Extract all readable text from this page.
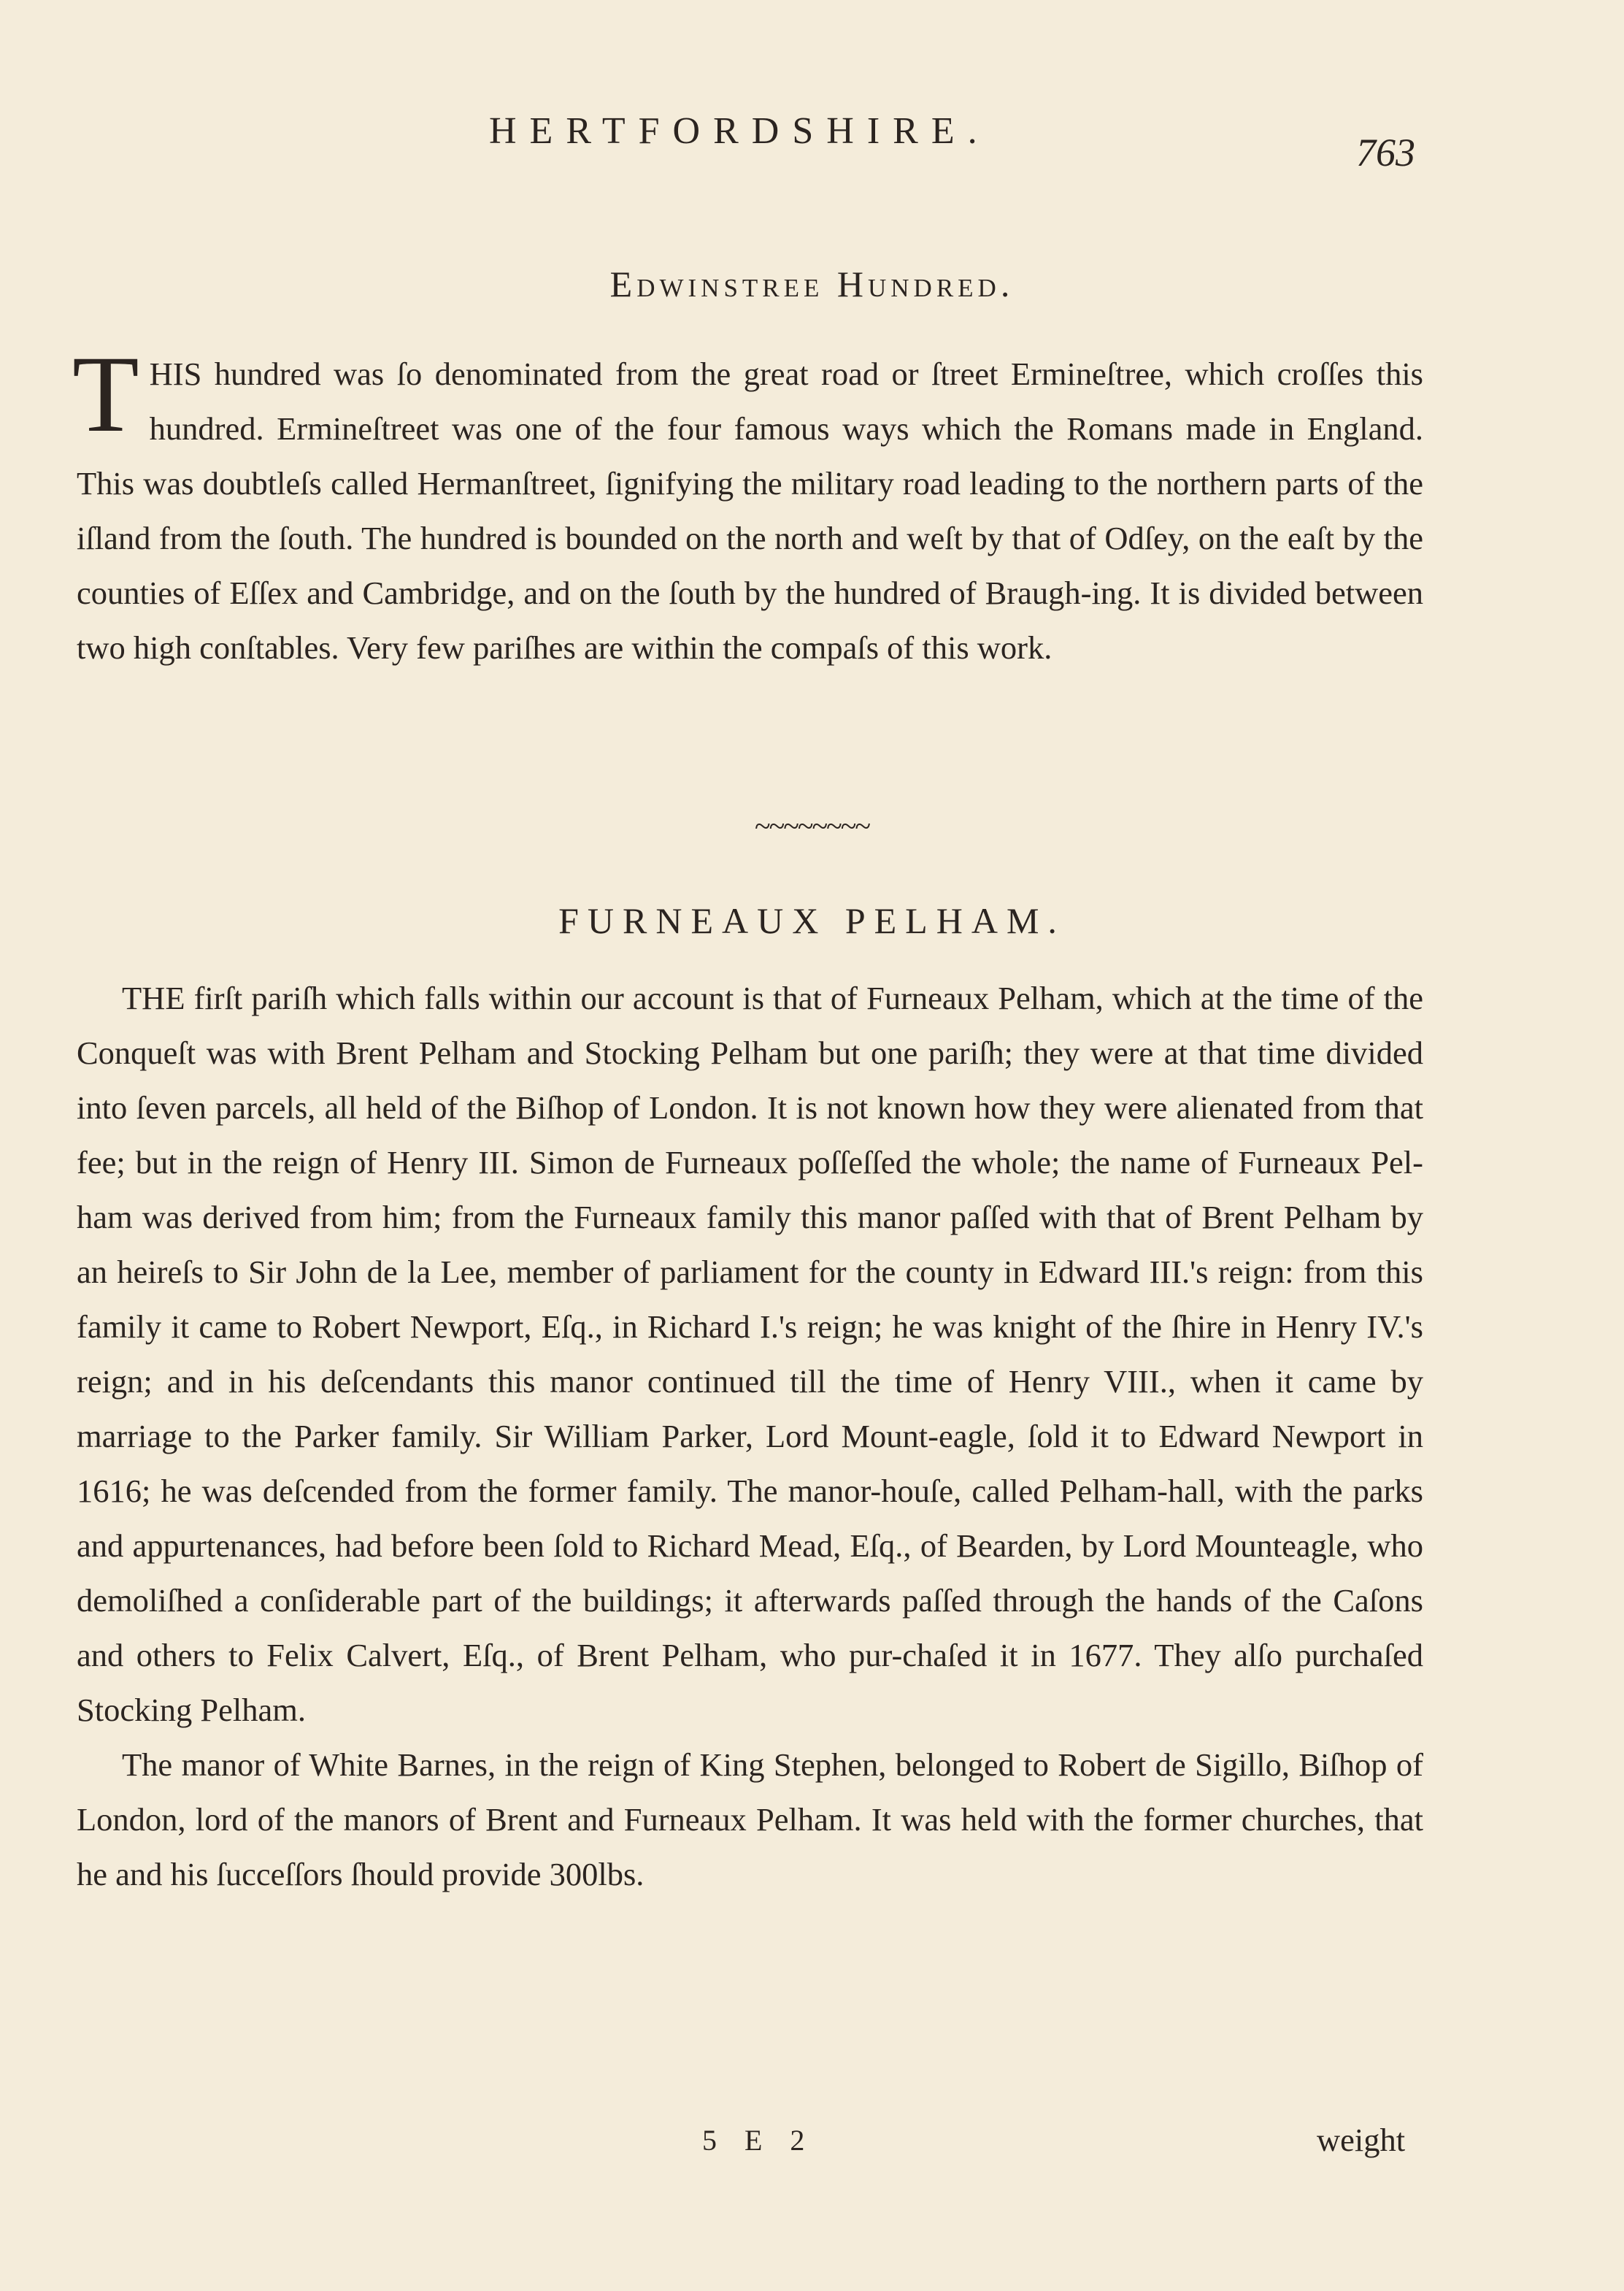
HERTFORDSHIRE.	763
Edwinstree Hundred.

THIS hundred was ſo denominated from the great road or ſtreet Ermineſtree, which croſſes this hundred. Ermineſtreet was one of the four famous ways which the Romans made in England. This was doubtleſs called Hermanſtreet, ſignifying the military road leading to the northern parts of the iſland from the ſouth. The hundred is bounded on the north and weſt by that of Odſey, on the eaſt by the counties of Eſſex and Cambridge, and on the ſouth by the hundred of Braugh-ing. It is divided between two high conſtables. Very few pariſhes are within the compaſs of this work.

~~~~~~~~
FURNEAUX PELHAM.

THE firſt pariſh which falls within our account is that of Furneaux Pelham, which at the time of the Conqueſt was with Brent Pelham and Stocking Pelham but one pariſh; they were at that time divided into ſeven parcels, all held of the Biſhop of London. It is not known how they were alienated from that fee; but in the reign of Henry III. Simon de Furneaux poſſeſſed the whole; the name of Furneaux Pel-ham was derived from him; from the Furneaux family this manor paſſed with that of Brent Pelham by an heireſs to Sir John de la Lee, member of parliament for the county in Edward III.'s reign: from this family it came to Robert Newport, Eſq., in Richard I.'s reign; he was knight of the ſhire in Henry IV.'s reign; and in his deſcendants this manor continued till the time of Henry VIII., when it came by marriage to the Parker family. Sir William Parker, Lord Mount-eagle, ſold it to Edward Newport in 1616; he was deſcended from the former family. The manor-houſe, called Pelham-hall, with the parks and appurtenances, had before been ſold to Richard Mead, Eſq., of Bearden, by Lord Mounteagle, who demoliſhed a conſiderable part of the buildings; it afterwards paſſed through the hands of the Caſons and others to Felix Calvert, Eſq., of Brent Pelham, who pur-chaſed it in 1677. They alſo purchaſed Stocking Pelham.

The manor of White Barnes, in the reign of King Stephen, belonged to Robert de Sigillo, Biſhop of London, lord of the manors of Brent and Furneaux Pelham. It was held with the former churches, that he and his ſucceſſors ſhould provide 300lbs.

5 E 2	weight
